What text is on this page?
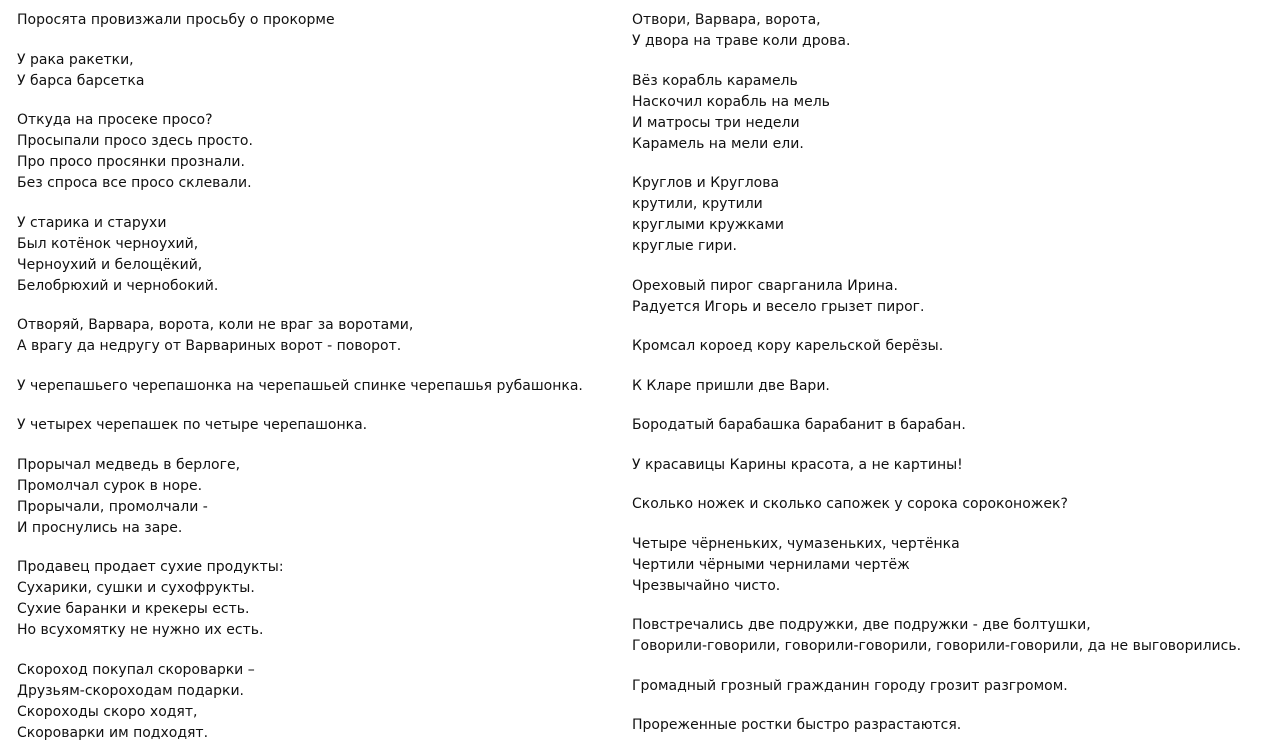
Поросята провизжали просьбу о прокорме
У рака ракетки,
У барса барсетка
Откуда на просеке просо?
Просыпали просо здесь просто.
Про просо просянки прознали.
Без спроса все просо склевали.
У старика и старухи
Был котёнок черноухий,
Черноухий и белощёкий,
Белобрюхий и чернобокий.
Отворяй, Варвара, ворота, коли не враг за воротами,
А врагу да недругу от Варвариных ворот - поворот.
У черепашьего черепашонка на черепашьей спинке черепашья рубашонка.
У четырех черепашек по четыре черепашонка.
Прорычал медведь в берлоге,
Промолчал сурок в норе.
Прорычали, промолчали -
И проснулись на заре.
Продавец продает сухие продукты:
Сухарики, сушки и сухофрукты.
Сухие баранки и крекеры есть.
Но всухомятку не нужно их есть.
Скороход покупал скороварки –
Друзьям-скороходам подарки.
Скороходы скоро ходят,
Скороварки им подходят.
Отвори, Варвара, ворота,
У двора на траве коли дрова.
Вёз корабль карамель
Наскочил корабль на мель
И матросы три недели
Карамель на мели ели.
Круглов и Круглова
крутили, крутили
круглыми кружками
круглые гири.
Ореховый пирог сварганила Ирина.
Радуется Игорь и весело грызет пирог.
Кромсал короед кору карельской берёзы.
К Кларе пришли две Вари.
Бородатый барабашка барабанит в барабан.
У красавицы Карины красота, а не картины!
Сколько ножек и сколько сапожек у сорока сороконожек?
Четыре чёрненьких, чумазеньких, чертёнка
Чертили чёрными чернилами чертёж
Чрезвычайно чисто.
Повстречались две подружки, две подружки - две болтушки,
Говорили-говорили, говорили-говорили, говорили-говорили, да не выговорились.
Громадный грозный гражданин городу грозит разгромом.
Прореженные ростки быстро разрастаются.
